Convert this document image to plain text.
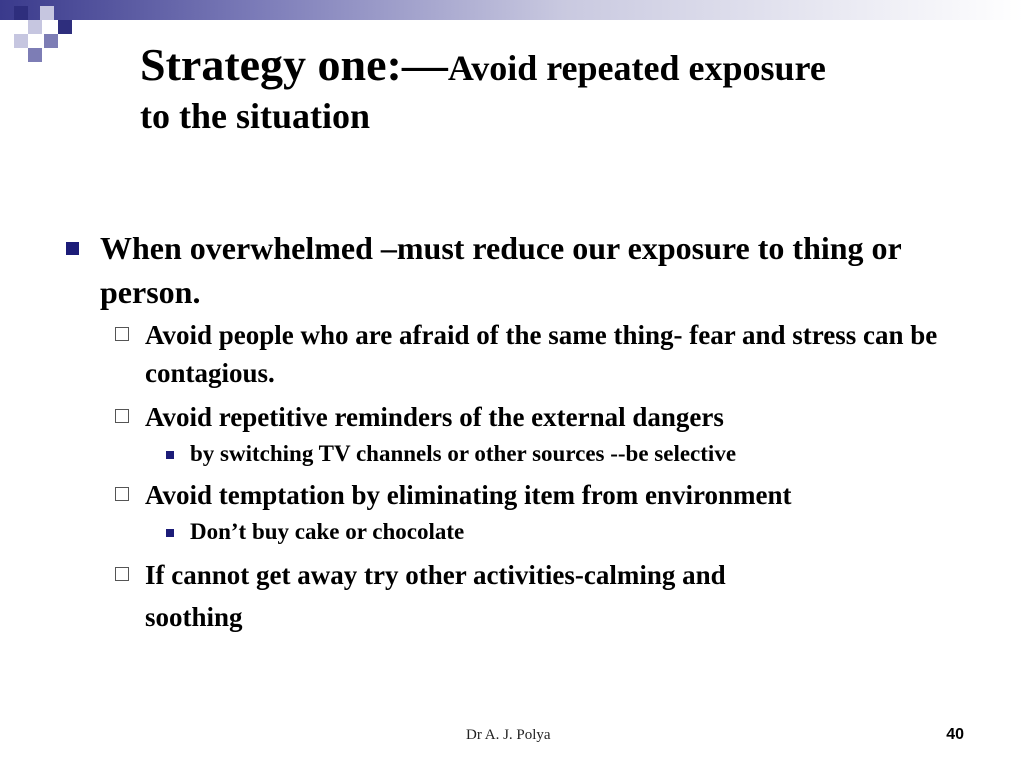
Strategy one:—Avoid repeated exposure
to the situation
When overwhelmed –must reduce our exposure to thing or person.
Avoid people who are afraid of the same thing- fear and stress can be contagious.
Avoid repetitive reminders of the external dangers
by switching TV channels or other sources --be selective
Avoid temptation by eliminating item from environment
Don’t buy cake or chocolate
If cannot get away try other activities-calming and
soothing
Dr A. J. Polya	40
